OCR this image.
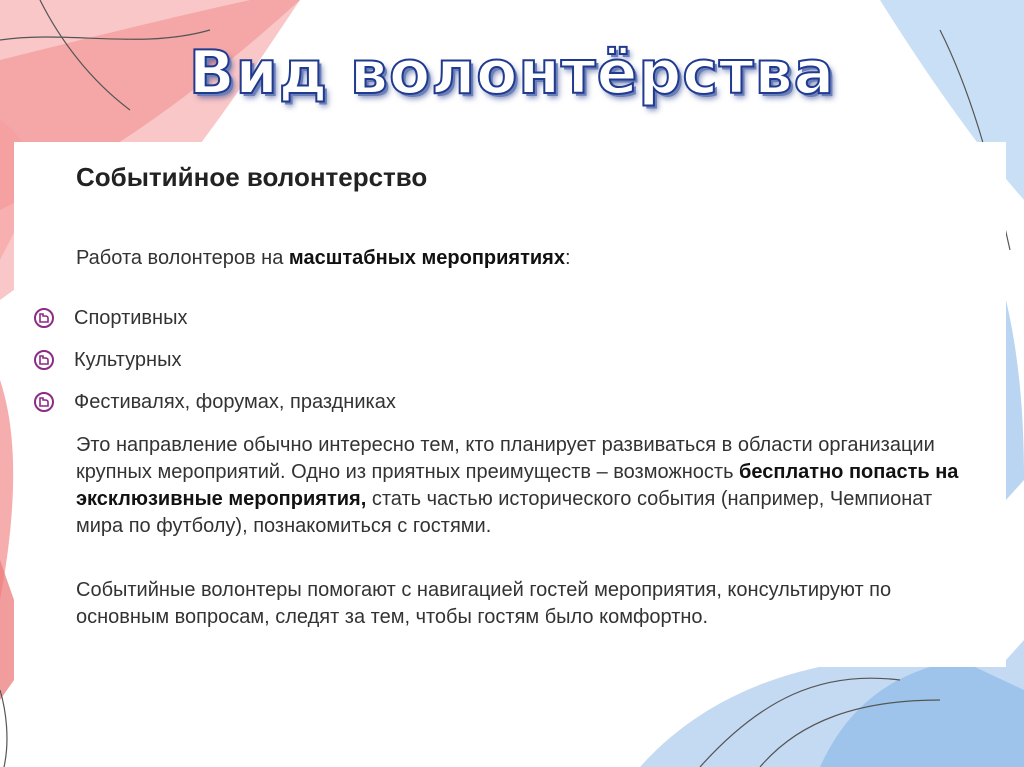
Вид волонтёрства
Событийное волонтерство
Работа волонтеров на масштабных мероприятиях:
Спортивных
Культурных
Фестивалях, форумах, праздниках
Это направление обычно интересно тем, кто планирует развиваться в области организации крупных мероприятий. Одно из приятных преимуществ – возможность бесплатно попасть на эксклюзивные мероприятия, стать частью исторического события (например, Чемпионат мира по футболу), познакомиться с гостями.
Событийные волонтеры помогают с навигацией гостей мероприятия, консультируют по основным вопросам, следят за тем, чтобы гостям было комфортно.
